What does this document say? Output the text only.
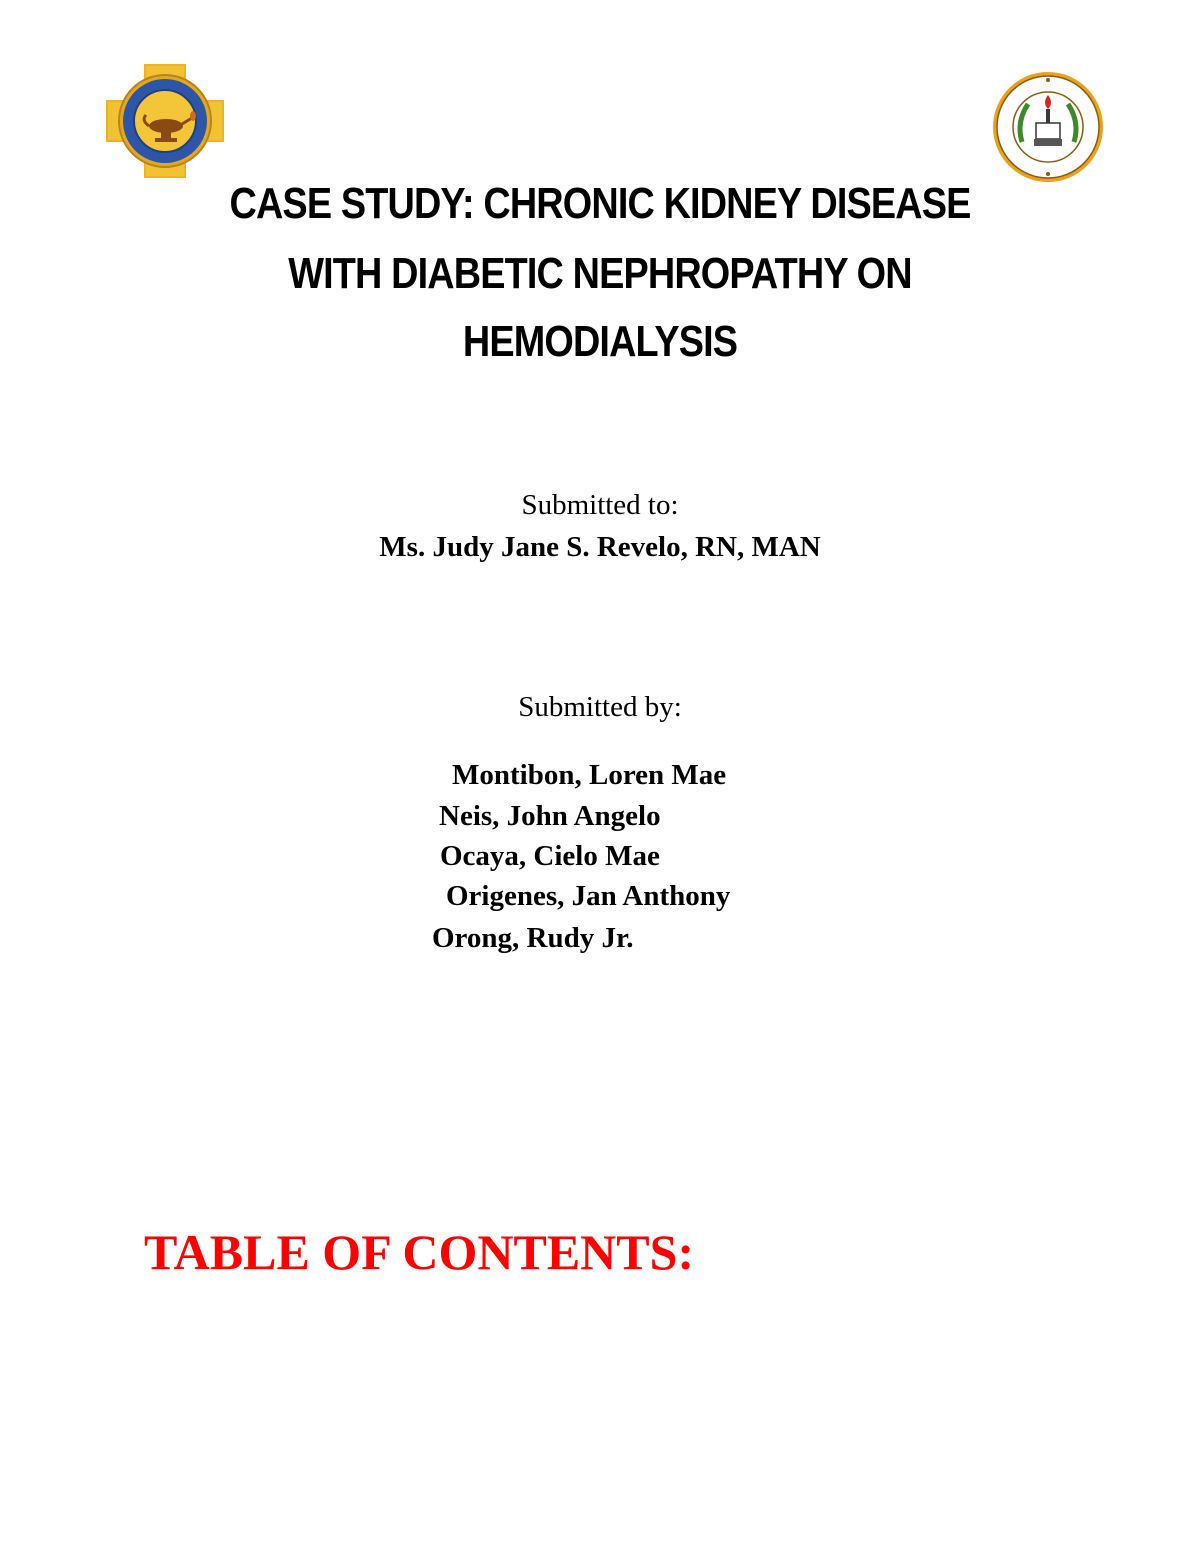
CASE STUDY: CHRONIC KIDNEY DISEASE
WITH DIABETIC NEPHROPATHY ON
HEMODIALYSIS
Submitted to:
Ms. Judy Jane S. Revelo, RN, MAN
Submitted by:
Montibon, Loren Mae
Neis, John Angelo
Ocaya, Cielo Mae
Origenes, Jan Anthony
Orong, Rudy Jr.
TABLE OF CONTENTS:
